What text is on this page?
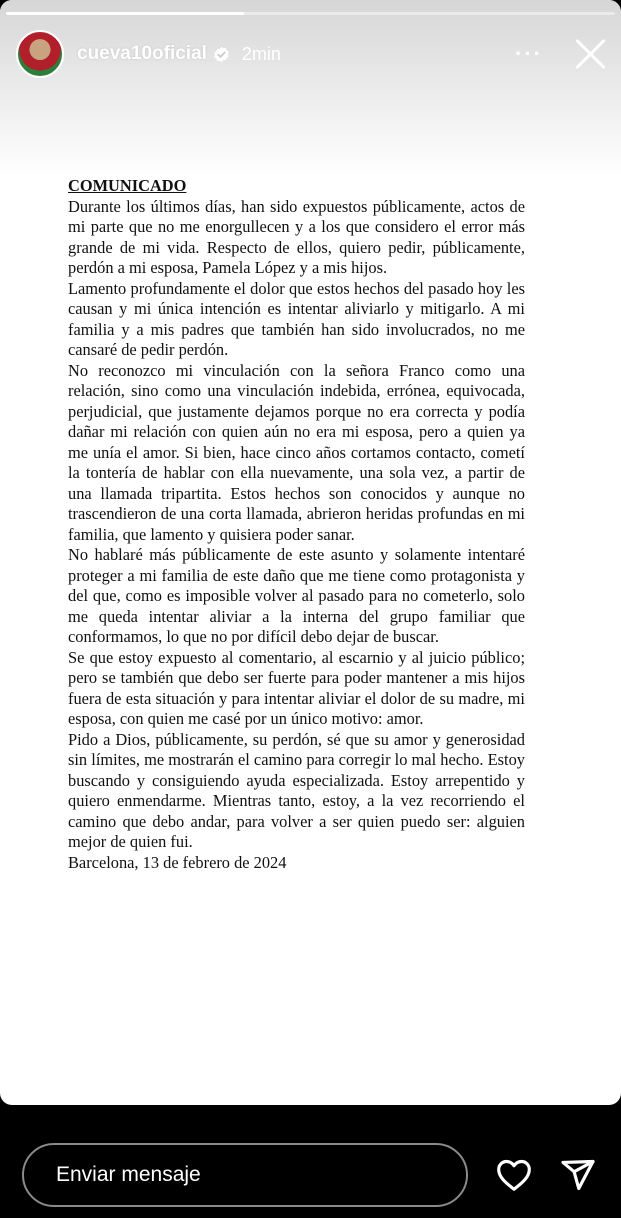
cueva10oficial 2min	···

COMUNICADO

Durante los últimos días, han sido expuestos públicamente, actos de mi parte que no me enorgullecen y a los que considero el error más grande de mi vida. Respecto de ellos, quiero pedir, públicamente, perdón a mi esposa, Pamela López y a mis hijos.

Lamento profundamente el dolor que estos hechos del pasado hoy les causan y mi única intención es intentar aliviarlo y mitigarlo. A mi familia y a mis padres que también han sido involucrados, no me cansaré de pedir perdón.

No reconozco mi vinculación con la señora Franco como una relación, sino como una vinculación indebida, errónea, equivocada, perjudicial, que justamente dejamos porque no era correcta y podía dañar mi relación con quien aún no era mi esposa, pero a quien ya me unía el amor. Si bien, hace cinco años cortamos contacto, cometí la tontería de hablar con ella nuevamente, una sola vez, a partir de una llamada tripartita. Estos hechos son conocidos y aunque no trascendieron de una corta llamada, abrieron heridas profundas en mi familia, que lamento y quisiera poder sanar.

No hablaré más públicamente de este asunto y solamente intentaré proteger a mi familia de este daño que me tiene como protagonista y del que, como es imposible volver al pasado para no cometerlo, solo me queda intentar aliviar a la interna del grupo familiar que conformamos, lo que no por difícil debo dejar de buscar.

Se que estoy expuesto al comentario, al escarnio y al juicio público; pero se también que debo ser fuerte para poder mantener a mis hijos fuera de esta situación y para intentar aliviar el dolor de su madre, mi esposa, con quien me casé por un único motivo: amor.

Pido a Dios, públicamente, su perdón, sé que su amor y generosidad sin límites, me mostrarán el camino para corregir lo mal hecho. Estoy buscando y consiguiendo ayuda especializada. Estoy arrepentido y quiero enmendarme. Mientras tanto, estoy, a la vez recorriendo el camino que debo andar, para volver a ser quien puedo ser: alguien mejor de quien fui.

Barcelona, 13 de febrero de 2024

Enviar mensaje
